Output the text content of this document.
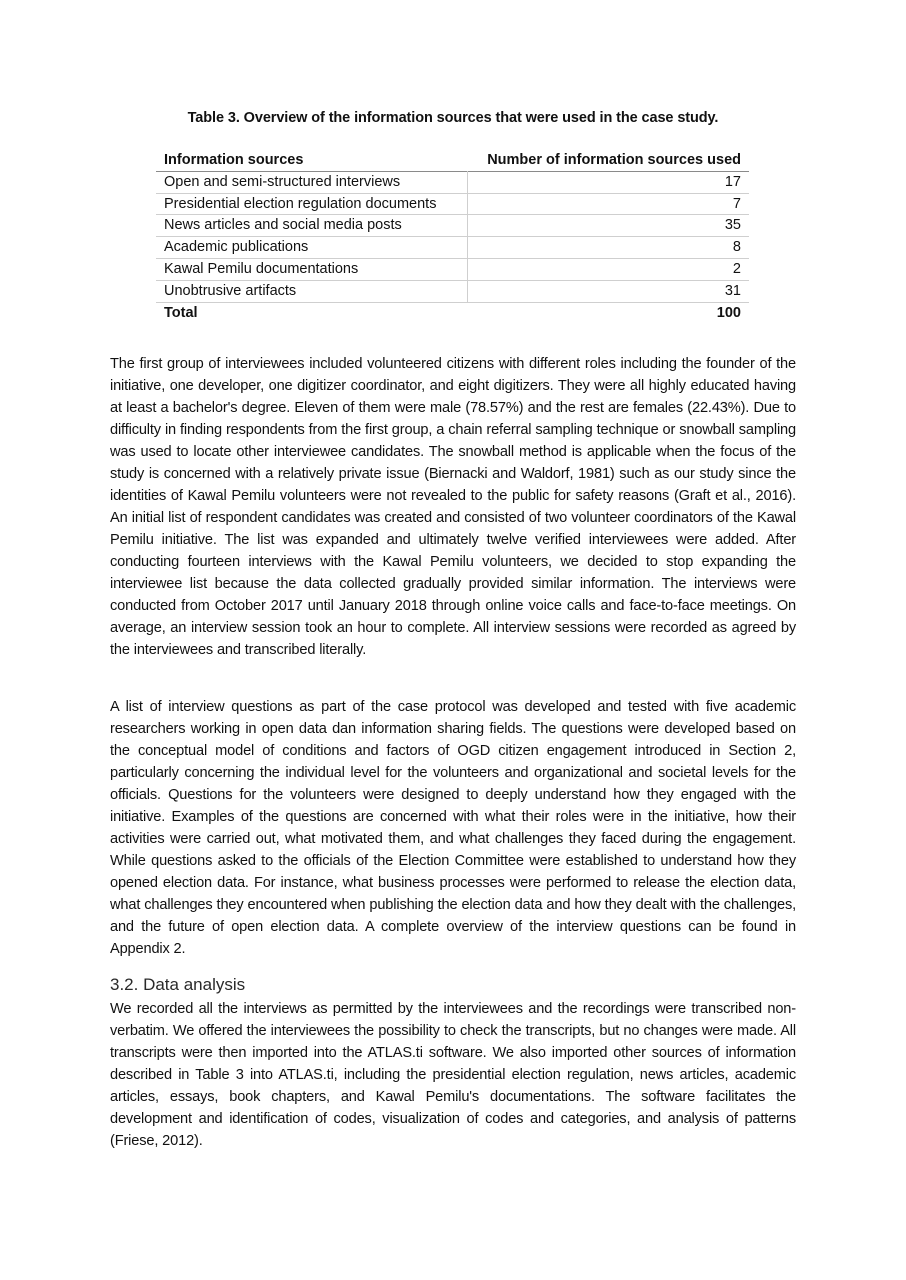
Table 3. Overview of the information sources that were used in the case study.
Information sources	Number of information sources used
Open and semi-structured interviews	17
Presidential election regulation documents	7
News articles and social media posts	35
Academic publications	8
Kawal Pemilu documentations	2
Unobtrusive artifacts	31
Total	100

The first group of interviewees included volunteered citizens with different roles including the founder of the initiative, one developer, one digitizer coordinator, and eight digitizers. They were all highly educated having at least a bachelor's degree. Eleven of them were male (78.57%) and the rest are females (22.43%). Due to difficulty in finding respondents from the first group, a chain referral sampling technique or snowball sampling was used to locate other interviewee candidates. The snowball method is applicable when the focus of the study is concerned with a relatively private issue (Biernacki and Waldorf, 1981) such as our study since the identities of Kawal Pemilu volunteers were not revealed to the public for safety reasons (Graft et al., 2016). An initial list of respondent candidates was created and consisted of two volunteer coordinators of the Kawal Pemilu initiative. The list was expanded and ultimately twelve verified interviewees were added. After conducting fourteen interviews with the Kawal Pemilu volunteers, we decided to stop expanding the interviewee list because the data collected gradually provided similar information. The interviews were conducted from October 2017 until January 2018 through online voice calls and face-to-face meetings. On average, an interview session took an hour to complete. All interview sessions were recorded as agreed by the interviewees and transcribed literally.

A list of interview questions as part of the case protocol was developed and tested with five academic researchers working in open data dan information sharing fields. The questions were developed based on the conceptual model of conditions and factors of OGD citizen engagement introduced in Section 2, particularly concerning the individual level for the volunteers and organizational and societal levels for the officials. Questions for the volunteers were designed to deeply understand how they engaged with the initiative. Examples of the questions are concerned with what their roles were in the initiative, how their activities were carried out, what motivated them, and what challenges they faced during the engagement. While questions asked to the officials of the Election Committee were established to understand how they opened election data. For instance, what business processes were performed to release the election data, what challenges they encountered when publishing the election data and how they dealt with the challenges, and the future of open election data. A complete overview of the interview questions can be found in Appendix 2.

3.2. Data analysis

We recorded all the interviews as permitted by the interviewees and the recordings were transcribed non-verbatim. We offered the interviewees the possibility to check the transcripts, but no changes were made. All transcripts were then imported into the ATLAS.ti software. We also imported other sources of information described in Table 3 into ATLAS.ti, including the presidential election regulation, news articles, academic articles, essays, book chapters, and Kawal Pemilu's documentations. The software facilitates the development and identification of codes, visualization of codes and categories, and analysis of patterns (Friese, 2012).
